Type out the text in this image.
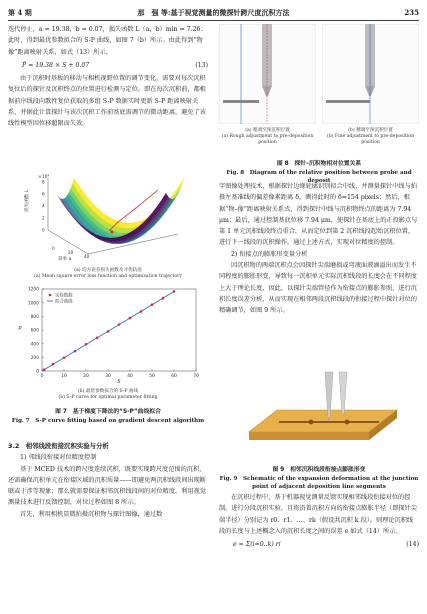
第 4 期	那　强 等:基于视觉测量的微探针跨尺度沉积方法	235

迭代停止，a = 19.38，b = 0.07，损失函数 L（a，b）min = 7.26；此时，得到最优参数拟合的 S-P 曲线，如图 7（b）所示。由此得到“物像”距离映射关系，如式（13）所示。

P̂ = 19.38 × S + 0.07	(13)

由于沉积时基板的移动与相机视野位置的调节变化，需要对每次沉积复位后的探针及沉积终点的位置进行检测与定位。即在每次沉积前，都根据前序线段向歌性复位获取的多组 S-P 数据实时更新 S-P 距离映射关系，并据此计算探针与该次沉积工作前基底需调节的微动距离，避免了该线性模型因位移超限而失效。

×10⁴
0
2
4
6
8
损失函数 L
斜率 a
0
20
40
(a) 均方误差损失函数及寻优轨迹
(a) Mean square error loss function and optimization trajectory
0
200
400
600
800
1000
1200
0	10	20	30	40	50	60	70
S
P
实验数据
拟合曲线
(b) 最优参数拟合的 S-P 曲线
(b) S-P curve for optimal parameter fitting
图 7　基于梯度下降法的“S-P”曲线拟合
Fig. 7　S-P curve fitting based on gradient descent algorithm

3.2　相邻线段衔接沉积实验与分析

1) 邻线段衔接对位精度控制

基于 MCED 技术的跨尺度连续沉积，既要实现跨尺度范围的沉积，还需确保沉积单元在衔接区域的沉积质量——即避免两沉积线段间出现断联或于涉等现象；那么就需要保证相邻沉积线段间的对位精度。利用视觉测量技术进行反馈控制，对位过程如图 8 所示。

首先，利用相机显微拍摄沉积物与探针图像，通过数

(a) 粗调至预沉积位置
(a) Rough adjustment to pre-deposition position
(b) 精调至预沉积位置
(b) Fine adjustment to pre-deposition position
图 8　探针–沉积物相对位置关系
Fig. 8　Diagram of the relative position between probe and deposit

字图像处理技术，根据探针边缘轮廓识别拟合中线，并测量探针中线与拍摄左基准线的偏差像素距离 δ，测得此时的 δ=154 pixels；然后，根据“物–像”距离映射关系式，得到探针中线与沉积物终点的距离为 7.94 μm；最后，通过控制基底位移 7.94 μm，使探针在基底上的正投影点与第 1 单元沉积线段终点重合，从而定位到第 2 沉积线段起始沉积位置，进行下一线段的沉积操作。通过上述方式，实现对位精度的控制。

2) 衔接点的膨胀形变量分析

因沉积物的两端沉积点会因探针尖端磨损或弯液面液滴溢出而发生不同程度的膨胀形变，导致每一沉积单元实际沉积线段的长度会在不同程度上大于理论长度，因此，以探针尖端管径作为衔接点的膨胀参照，进行沉积长度误差分析，从而实现在相邻两段沉积线段的衔接过程中探针对位的精确调节，如图 9 所示。

图 9　相邻沉积线段衔接点膨胀形变
Fig. 9　Schematic of the expansion deformation at the junction point of adjacent deposition line segments

在沉积过程中，基于机器视觉测量反馈实现相邻线段衔接对位的控制。进行分段沉积实验，且将沿着沉积方向的衔接点膨胀半径（即探针尖端半径）分别记为 r0、r1、…、rk（假设共沉积 k 段）。则理论沉积线段的长度与上述概念入的沉积长度之间的误差 e 如式（14）所示。

e = Σ(i=0..k) ri	(14)
